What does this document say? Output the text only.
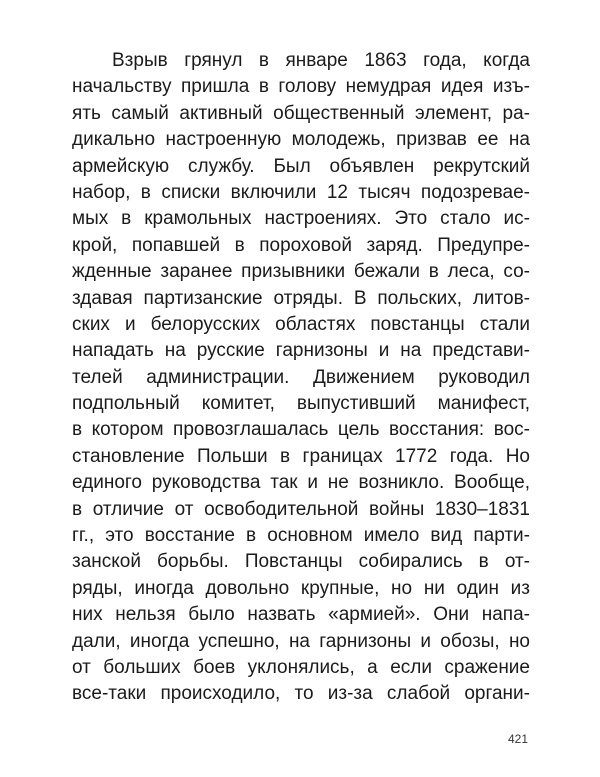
Взрыв грянул в январе 1863 года, когда
начальству пришла в голову немудрая идея изъ-
ять самый активный общественный элемент, ра-
дикально настроенную молодежь, призвав ее на
армейскую службу. Был объявлен рекрутский
набор, в списки включили 12 тысяч подозревае-
мых в крамольных настроениях. Это стало ис-
крой, попавшей в пороховой заряд. Предупре-
жденные заранее призывники бежали в леса, со-
здавая партизанские отряды. В польских, литов-
ских и белорусских областях повстанцы стали
нападать на русские гарнизоны и на представи-
телей администрации. Движением руководил
подпольный комитет, выпустивший манифест,
в котором провозглашалась цель восстания: вос-
становление Польши в границах 1772 года. Но
единого руководства так и не возникло. Вообще,
в отличие от освободительной войны 1830–1831
гг., это восстание в основном имело вид парти-
занской борьбы. Повстанцы собирались в от-
ряды, иногда довольно крупные, но ни один из
них нельзя было назвать «армией». Они напа-
дали, иногда успешно, на гарнизоны и обозы, но
от больших боев уклонялись, а если сражение
все-таки происходило, то из-за слабой органи-
421
